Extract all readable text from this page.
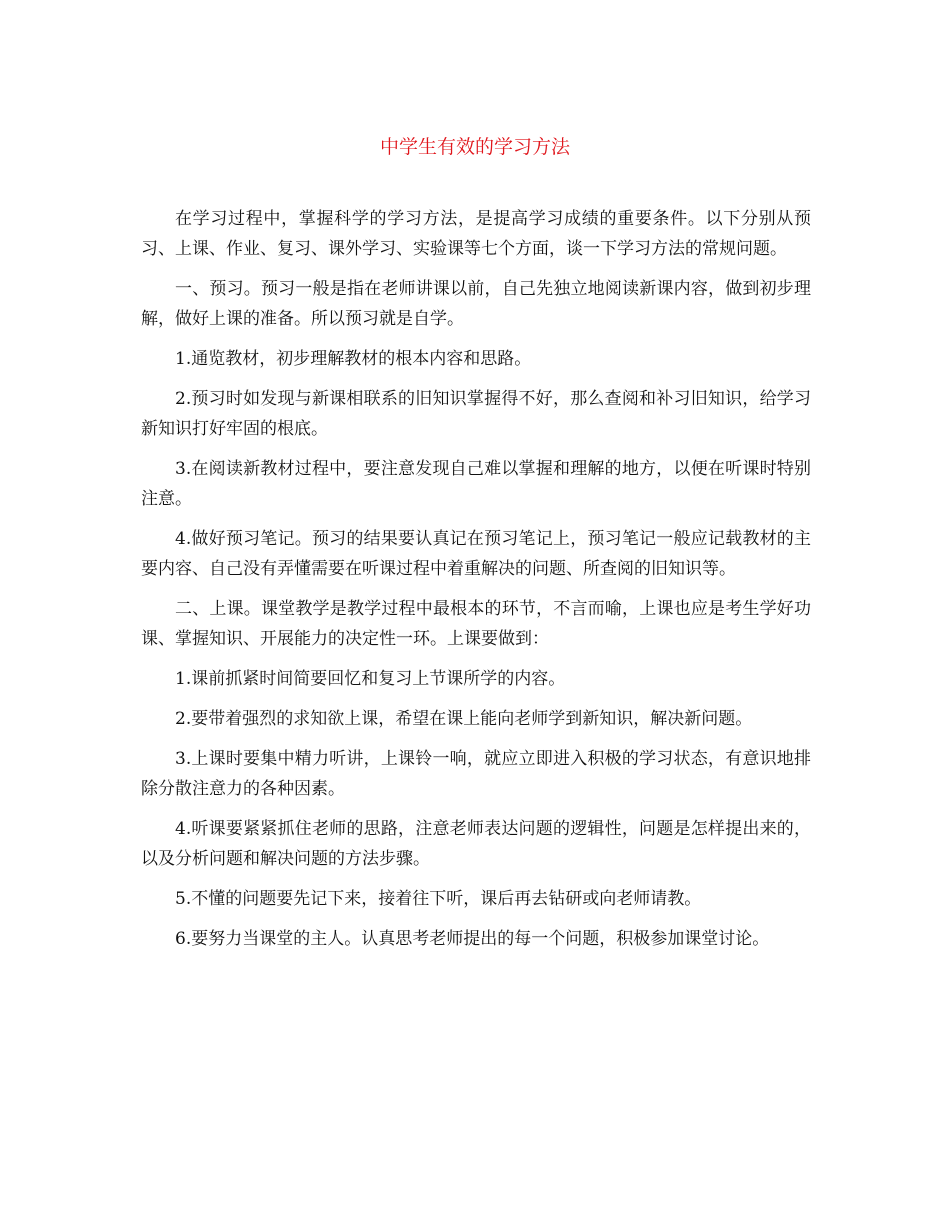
中学生有效的学习方法

在学习过程中，掌握科学的学习方法，是提高学习成绩的重要条件。以下分别从预习、上课、作业、复习、课外学习、实验课等七个方面，谈一下学习方法的常规问题。

一、预习。预习一般是指在老师讲课以前，自己先独立地阅读新课内容，做到初步理解，做好上课的准备。所以预习就是自学。

1.通览教材，初步理解教材的根本内容和思路。

2.预习时如发现与新课相联系的旧知识掌握得不好，那么查阅和补习旧知识，给学习新知识打好牢固的根底。

3.在阅读新教材过程中，要注意发现自己难以掌握和理解的地方，以便在听课时特别注意。

4.做好预习笔记。预习的结果要认真记在预习笔记上，预习笔记一般应记载教材的主要内容、自己没有弄懂需要在听课过程中着重解决的问题、所查阅的旧知识等。

二、上课。课堂教学是教学过程中最根本的环节，不言而喻，上课也应是考生学好功课、掌握知识、开展能力的决定性一环。上课要做到：

1.课前抓紧时间简要回忆和复习上节课所学的内容。

2.要带着强烈的求知欲上课，希望在课上能向老师学到新知识，解决新问题。

3.上课时要集中精力听讲，上课铃一响，就应立即进入积极的学习状态，有意识地排除分散注意力的各种因素。

4.听课要紧紧抓住老师的思路，注意老师表达问题的逻辑性，问题是怎样提出来的，以及分析问题和解决问题的方法步骤。

5.不懂的问题要先记下来，接着往下听，课后再去钻研或向老师请教。

6.要努力当课堂的主人。认真思考老师提出的每一个问题，积极参加课堂讨论。
